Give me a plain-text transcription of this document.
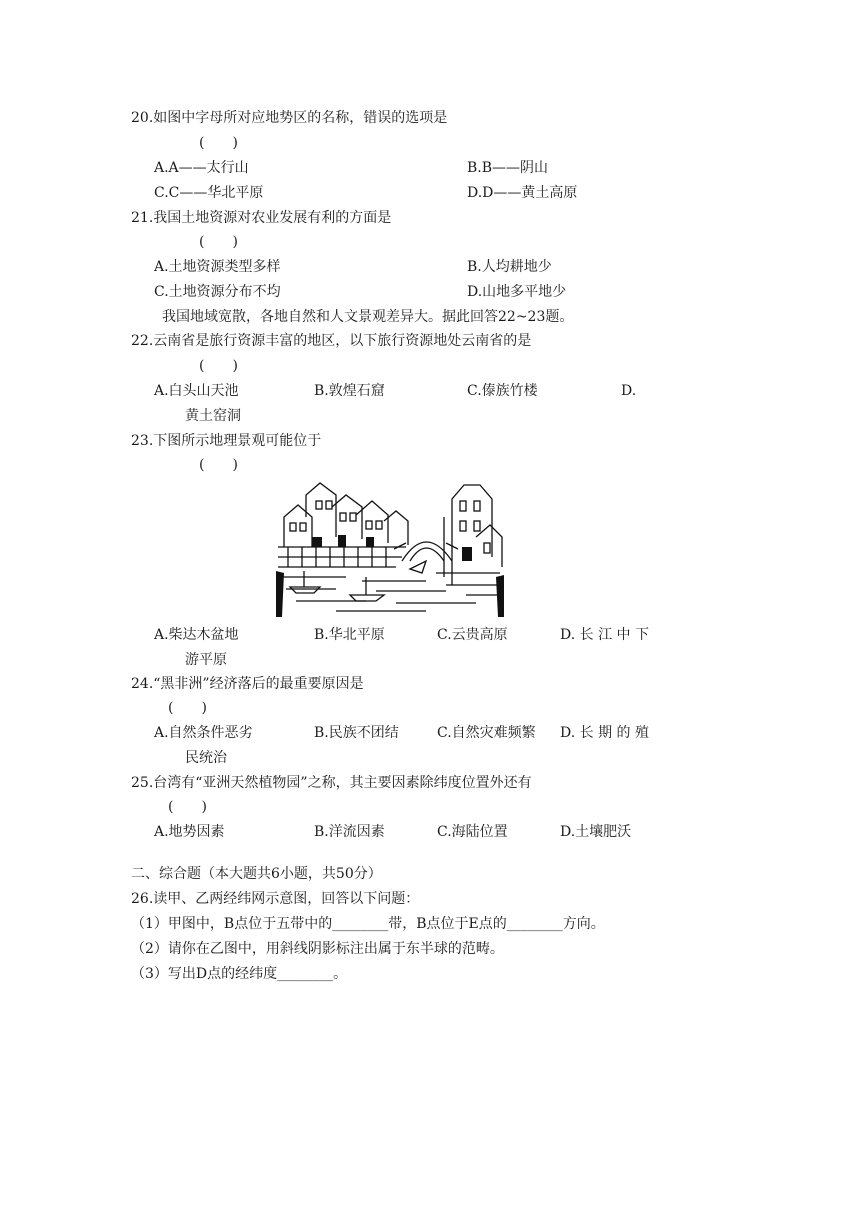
20.如图中字母所对应地势区的名称，错误的选项是
(　　)
A.A——太行山	B.B——阴山
C.C——华北平原	D.D——黄土高原
21.我国土地资源对农业发展有利的方面是
(　　)
A.土地资源类型多样	B.人均耕地少
C.土地资源分布不均	D.山地多平地少
我国地域宽散，各地自然和人文景观差异大。据此回答22~23题。
22.云南省是旅行资源丰富的地区，以下旅行资源地处云南省的是
(　　)
A.白头山天池	B.敦煌石窟	C.傣族竹楼	D.
黄土窑洞
23.下图所示地理景观可能位于
(　　)
A.柴达木盆地	B.华北平原	C.云贵高原	D. 长 江 中 下
游平原
24.“黑非洲”经济落后的最重要原因是
(　　)
A.自然条件恶劣	B.民族不团结	C.自然灾难频繁 D. 长 期 的 殖
民统治
25.台湾有“亚洲天然植物园”之称，其主要因素除纬度位置外还有
(　　)
A.地势因素	B.洋流因素	C.海陆位置	D.土壤肥沃
二、综合题（本大题共6小题，共50分）
26.读甲、乙两经纬网示意图，回答以下问题：
（1）甲图中，B点位于五带中的________带，B点位于E点的________方向。
（2）请你在乙图中，用斜线阴影标注出属于东半球的范畴。
（3）写出D点的经纬度________。
